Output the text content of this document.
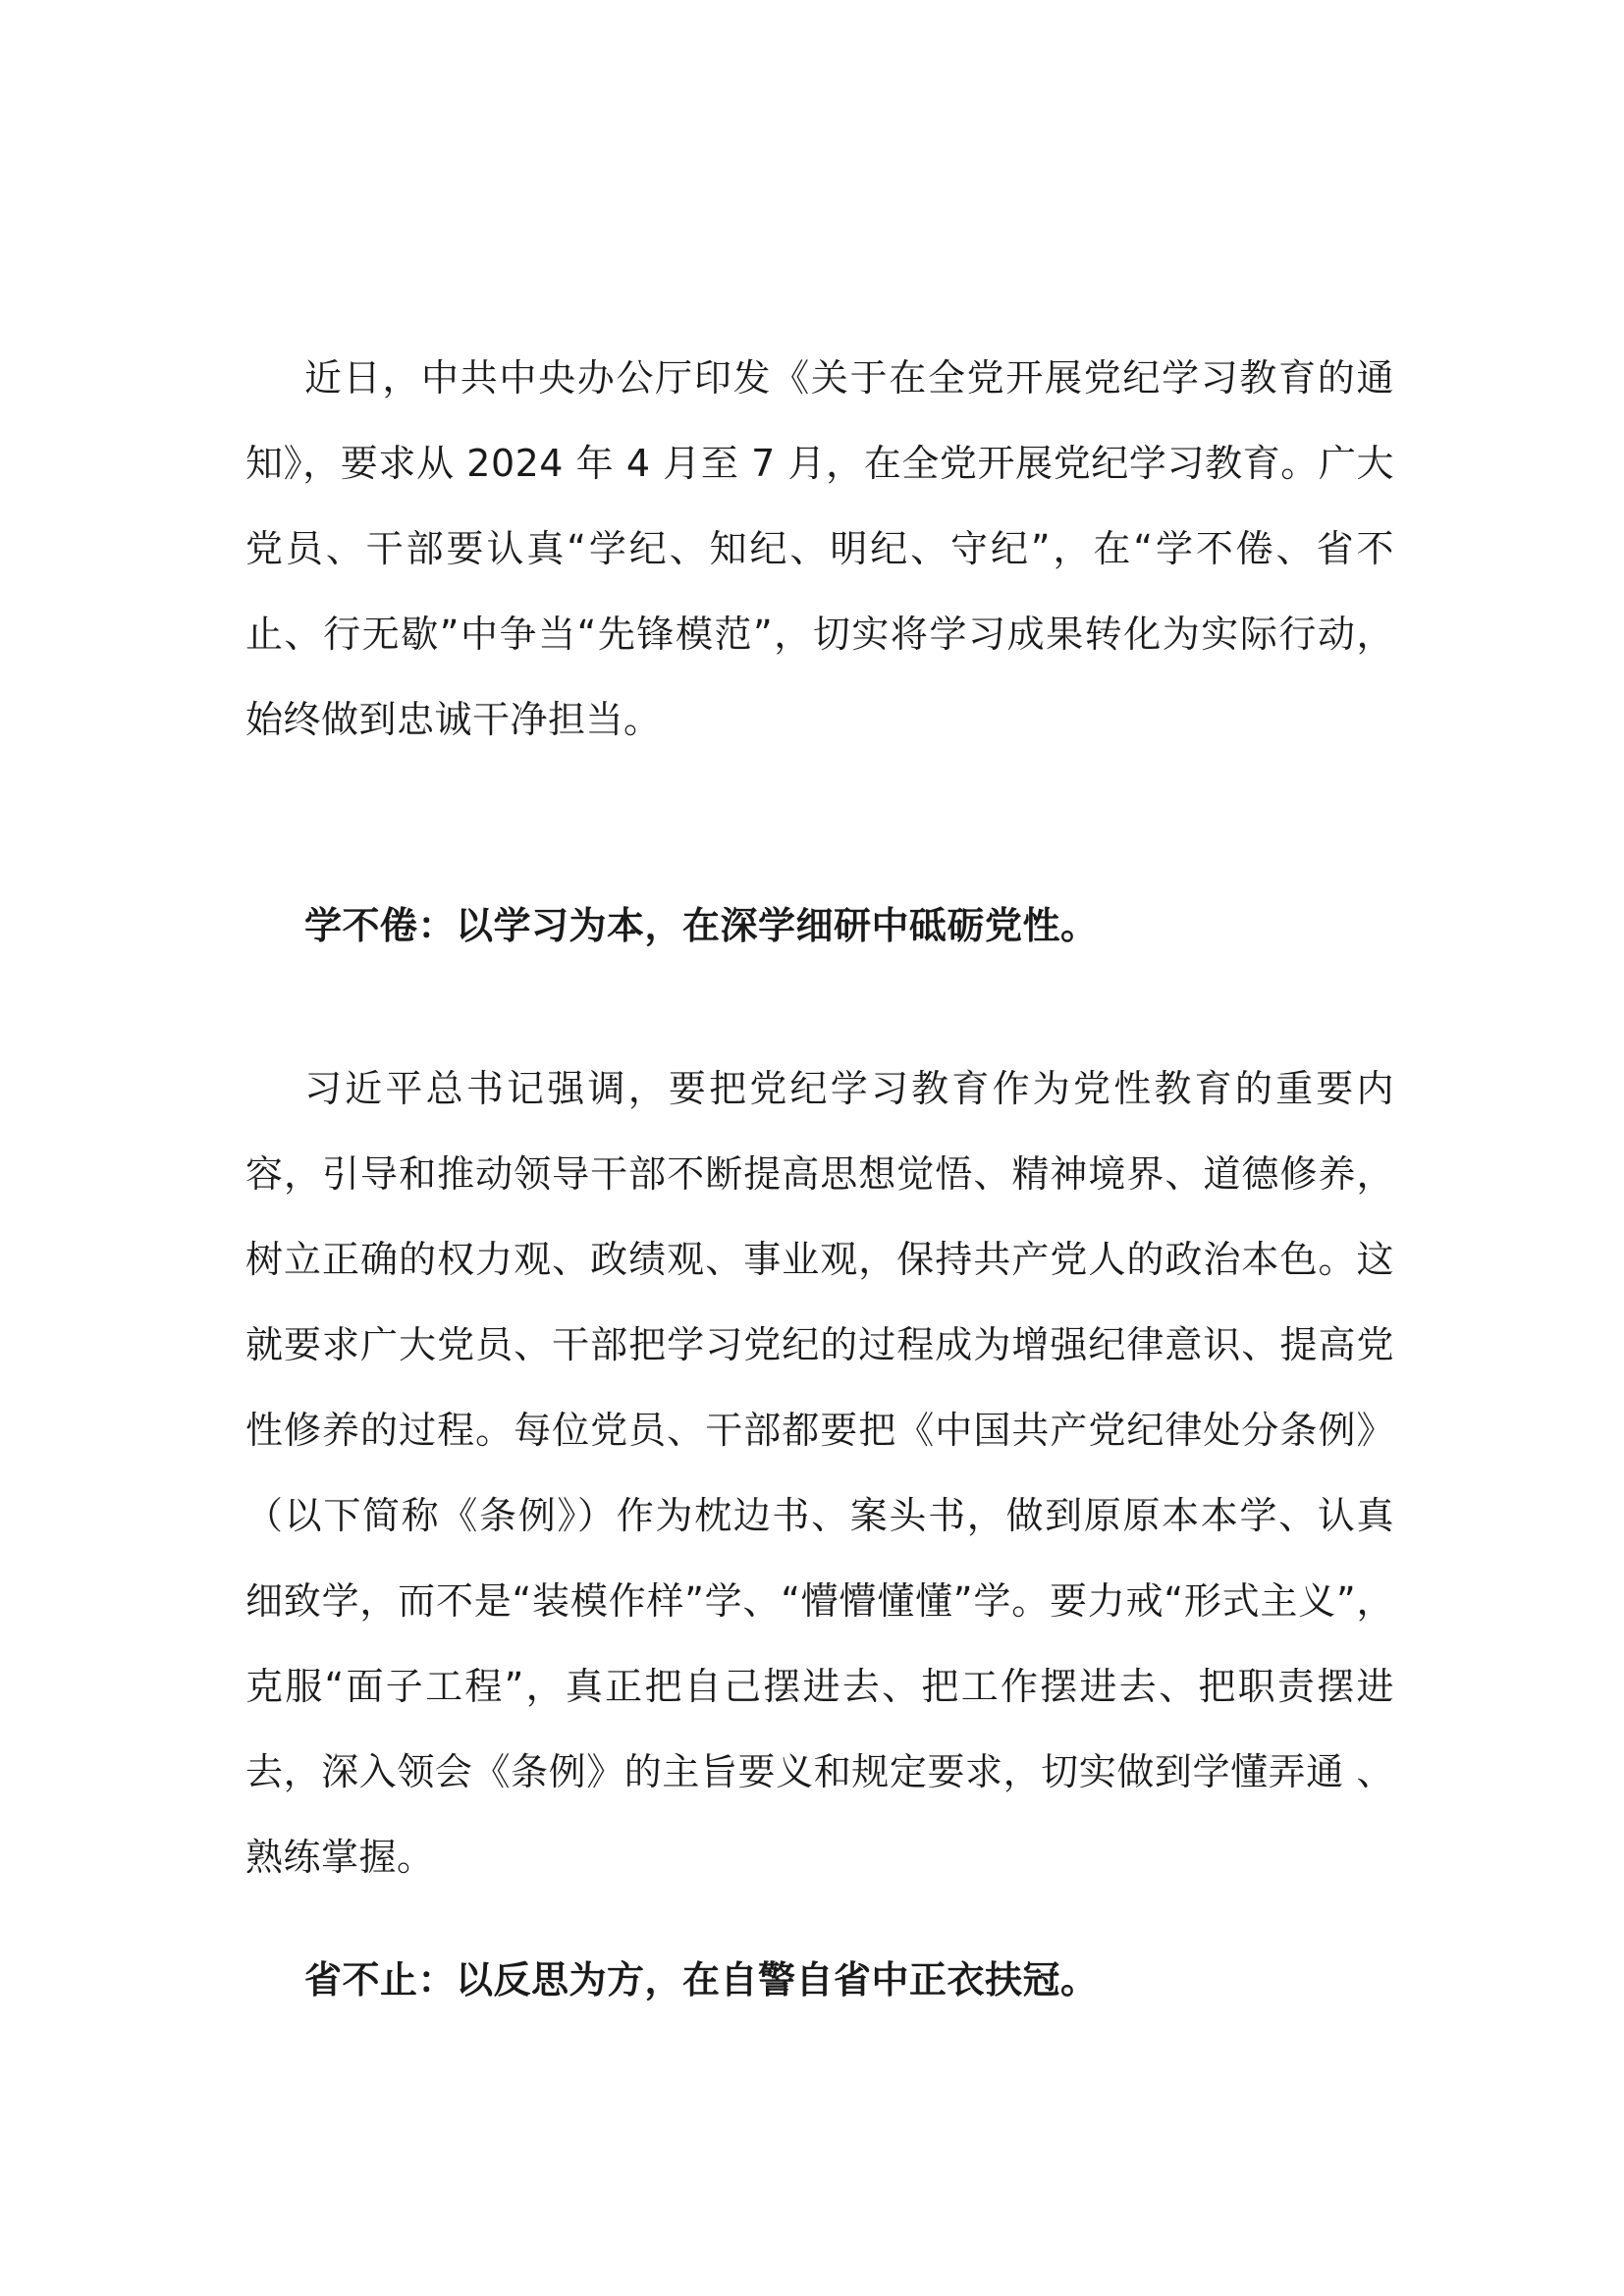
近日，中共中央办公厅印发《关于在全党开展党纪学习教育的通知》，要求从 2024 年 4 月至 7 月，在全党开展党纪学习教育。广大党员、干部要认真“学纪、知纪、明纪、守纪”，在“学不倦、省不止、行无歇”中争当“先锋模范”，切实将学习成果转化为实际行动，始终做到忠诚干净担当。

学不倦：以学习为本，在深学细研中砥砺党性。

习近平总书记强调，要把党纪学习教育作为党性教育的重要内容，引导和推动领导干部不断提高思想觉悟、精神境界、道德修养，树立正确的权力观、政绩观、事业观，保持共产党人的政治本色。这就要求广大党员、干部把学习党纪的过程成为增强纪律意识、提高党性修养的过程。每位党员、干部都要把《中国共产党纪律处分条例》（以下简称《条例》）作为枕边书、案头书，做到原原本本学、认真细致学，而不是“装模作样”学、“懵懵懂懂”学。要力戒“形式主义”，克服“面子工程”，真正把自己摆进去、把工作摆进去、把职责摆进去，深入领会《条例》的主旨要义和规定要求，切实做到学懂弄通 、熟练掌握。

省不止：以反思为方，在自警自省中正衣扶冠。
